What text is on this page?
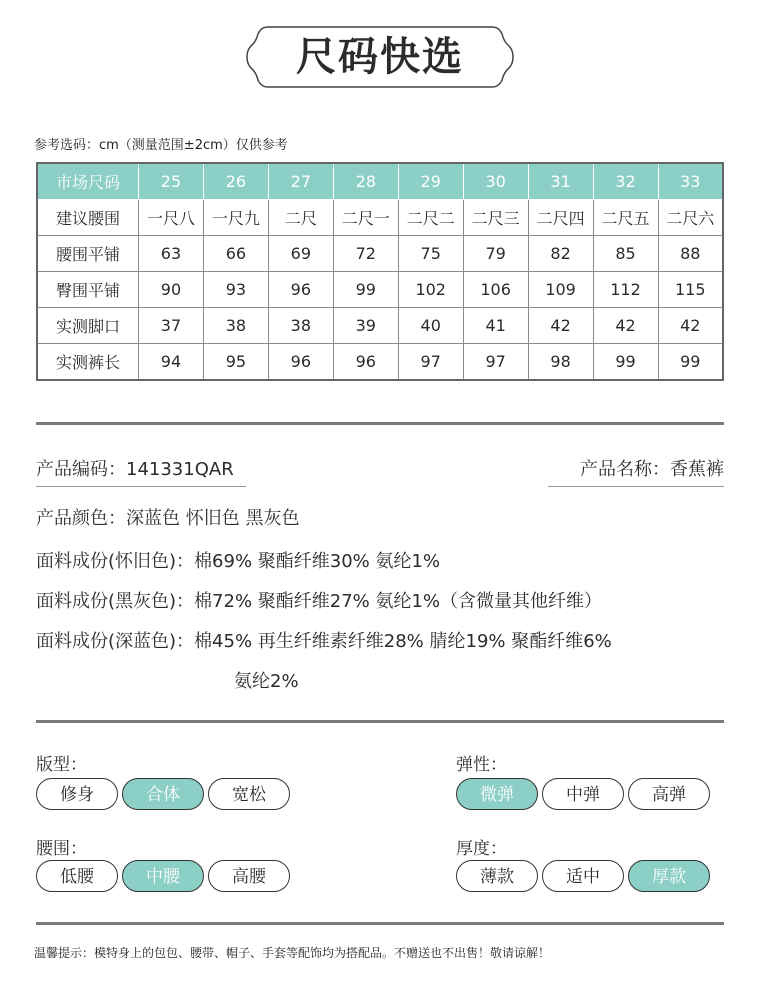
尺码快选
参考选码：cm（测量范围±2cm）仅供参考
市场尺码	25	26	27	28	29	30	31	32	33
建议腰围	一尺八	一尺九	二尺	二尺一	二尺二	二尺三	二尺四	二尺五	二尺六
腰围平铺	63	66	69	72	75	79	82	85	88
臀围平铺	90	93	96	99	102	106	109	112	115
实测脚口	37	38	38	39	40	41	42	42	42
实测裤长	94	95	96	96	97	97	98	99	99
产品编码：141331QAR	产品名称：香蕉裤
产品颜色：深蓝色 怀旧色 黑灰色
面料成份(怀旧色)：棉69% 聚酯纤维30% 氨纶1%
面料成份(黑灰色)：棉72% 聚酯纤维27% 氨纶1%（含微量其他纤维）
面料成份(深蓝色)：棉45% 再生纤维素纤维28% 腈纶19% 聚酯纤维6%
氨纶2%
版型：
修身	合体	宽松
弹性：
微弹	中弹	高弹
腰围：
低腰	中腰	高腰
厚度：
薄款	适中	厚款
温馨提示：模特身上的包包、腰带、帽子、手套等配饰均为搭配品。不赠送也不出售！敬请谅解！
